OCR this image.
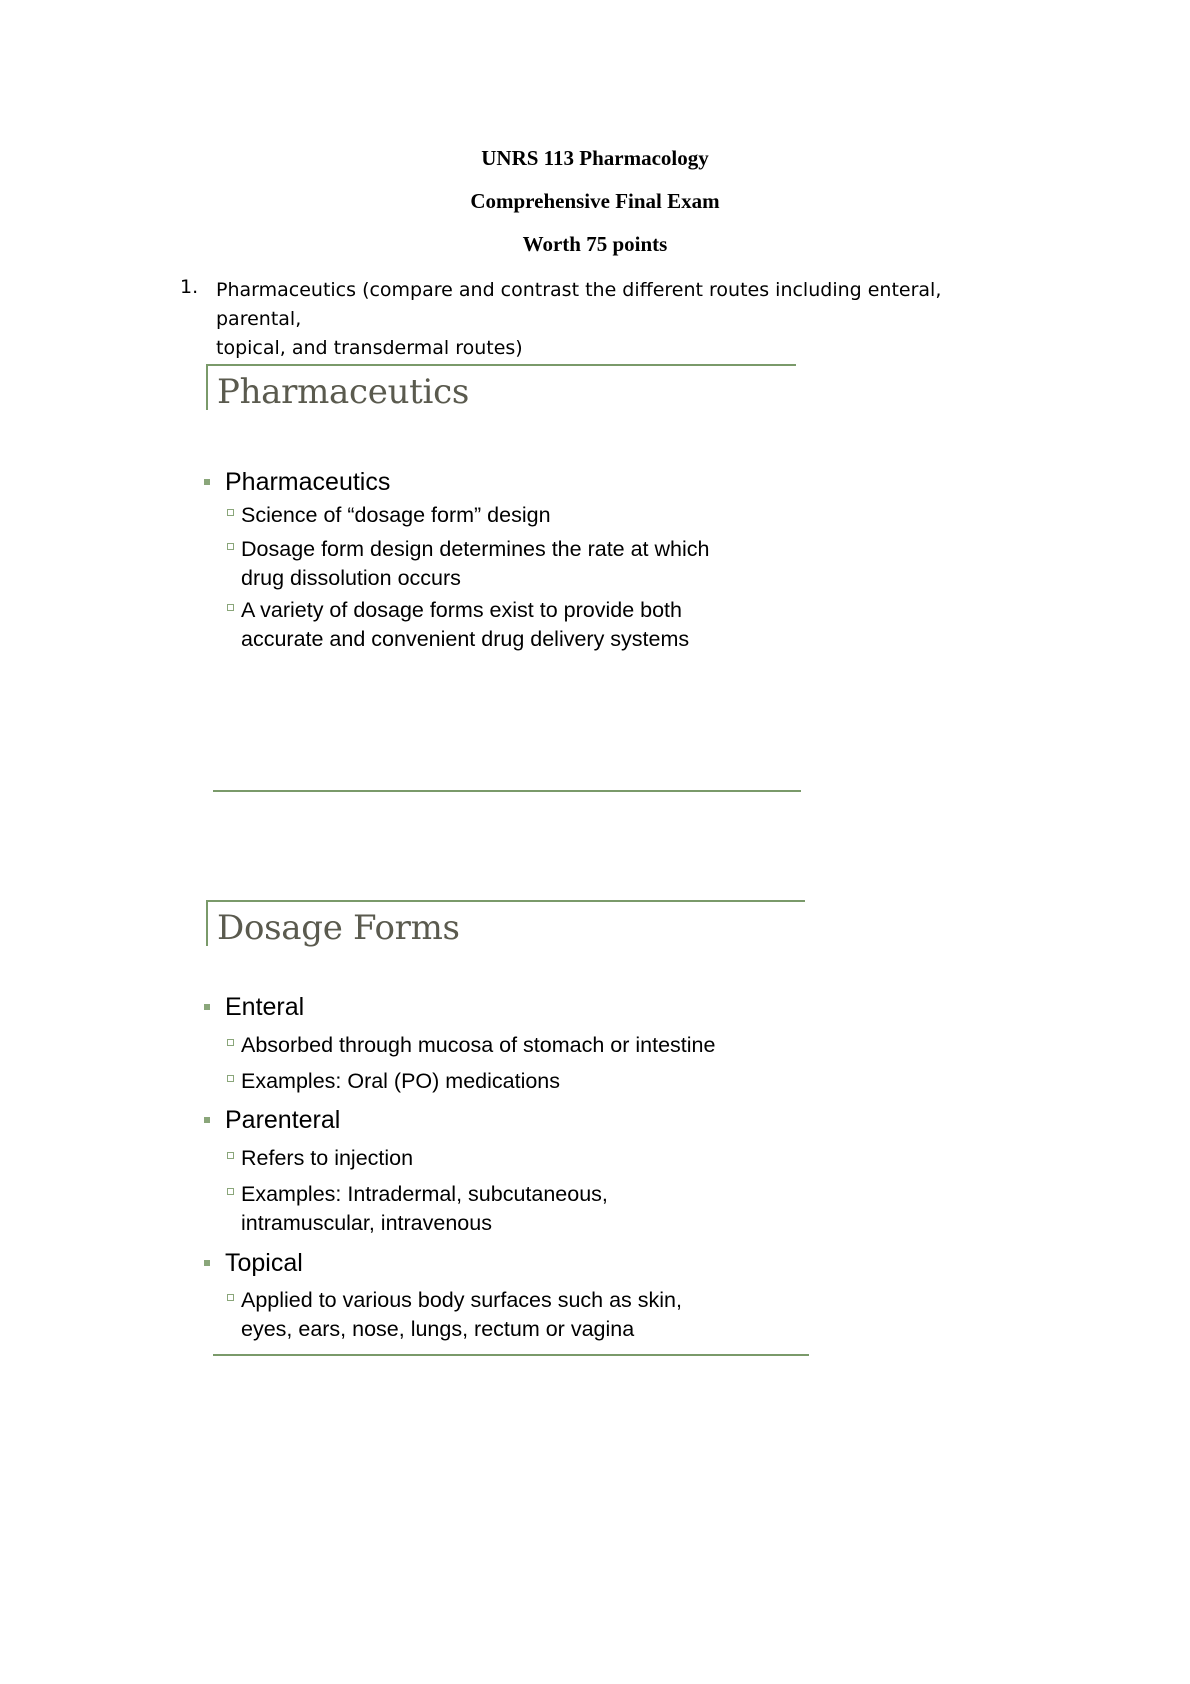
UNRS 113 Pharmacology
Comprehensive Final Exam
Worth 75 points
1. Pharmaceutics (compare and contrast the different routes including enteral, parental,
topical, and transdermal routes)
Pharmaceutics
Pharmaceutics
Science of “dosage form” design
Dosage form design determines the rate at which
drug dissolution occurs
A variety of dosage forms exist to provide both
accurate and convenient drug delivery systems
Dosage Forms
Enteral
Absorbed through mucosa of stomach or intestine
Examples: Oral (PO) medications
Parenteral
Refers to injection
Examples: Intradermal, subcutaneous,
intramuscular, intravenous
Topical
Applied to various body surfaces such as skin,
eyes, ears, nose, lungs, rectum or vagina
